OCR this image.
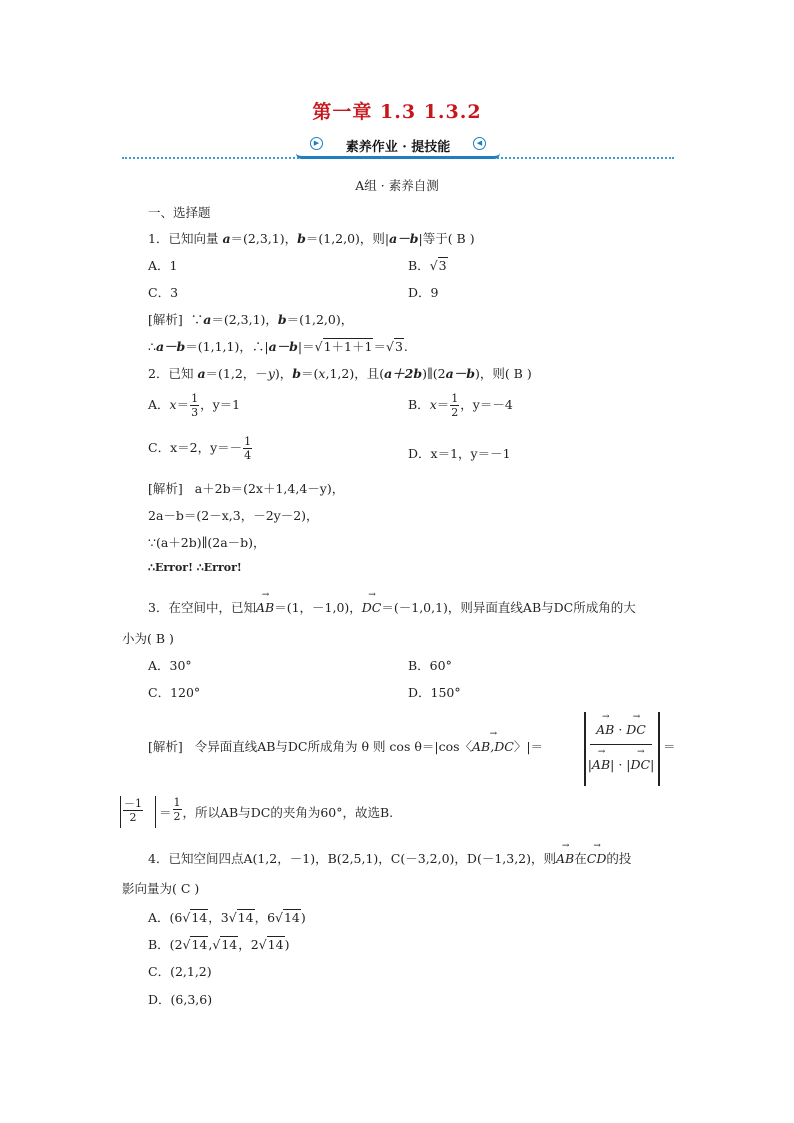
第一章 1.3 1.3.2
▶	素养作业 · 提技能	◀
A组 · 素养自测
一、选择题
1．已知向量 a＝(2,3,1)，b＝(1,2,0)，则|a－b|等于( B )
A．1	B．√3
C．3	D．9
[解析] ∵a＝(2,3,1)，b＝(1,2,0)，
∴a－b＝(1,1,1)，∴|a－b|＝√1＋1＋1＝√3.
2．已知 a＝(1,2，－y)，b＝(x,1,2)，且(a＋2b)∥(2a－b)，则( B )
A．$x= \frac{1}{3}$ ，y＝1	B．$x= \frac{1}{2}$ ，y＝－4
C．x＝2，$y=- \frac{1}{4}$	D．x＝1，y＝－1
[解析] a＋2b＝(2x＋1,4,4－y)，
2a－b＝(2－x,3，－2y－2)，
∵(a＋2b)∥(2a－b)，
∴Error! ∴Error!
3．在空间中，已知→ AB＝(1，－1,0)，→ DC＝(－1,0,1)，则异面直线AB与DC所成角的大
小为( B )
A．30°	B．60°
C．120°	D．150°
[解析] 令异面直线AB与DC所成角为 θ 则 cos θ＝|cos〈→ AB,DC〉|＝
→ AB · → DC
|→ AB| · |→ DC|
＝
$\frac{-1}{2} = \frac{1}{2}$ ，所以AB与DC的夹角为60°，故选B.
4．已知空间四点A(1,2，－1)，B(2,5,1)，C(－3,2,0)，D(－1,3,2)，则→ AB在→ CD的投
影向量为( C )
A．(6√14，3√14，6√14)
B．(2√14,√14，2√14)
C．(2,1,2)
D．(6,3,6)
